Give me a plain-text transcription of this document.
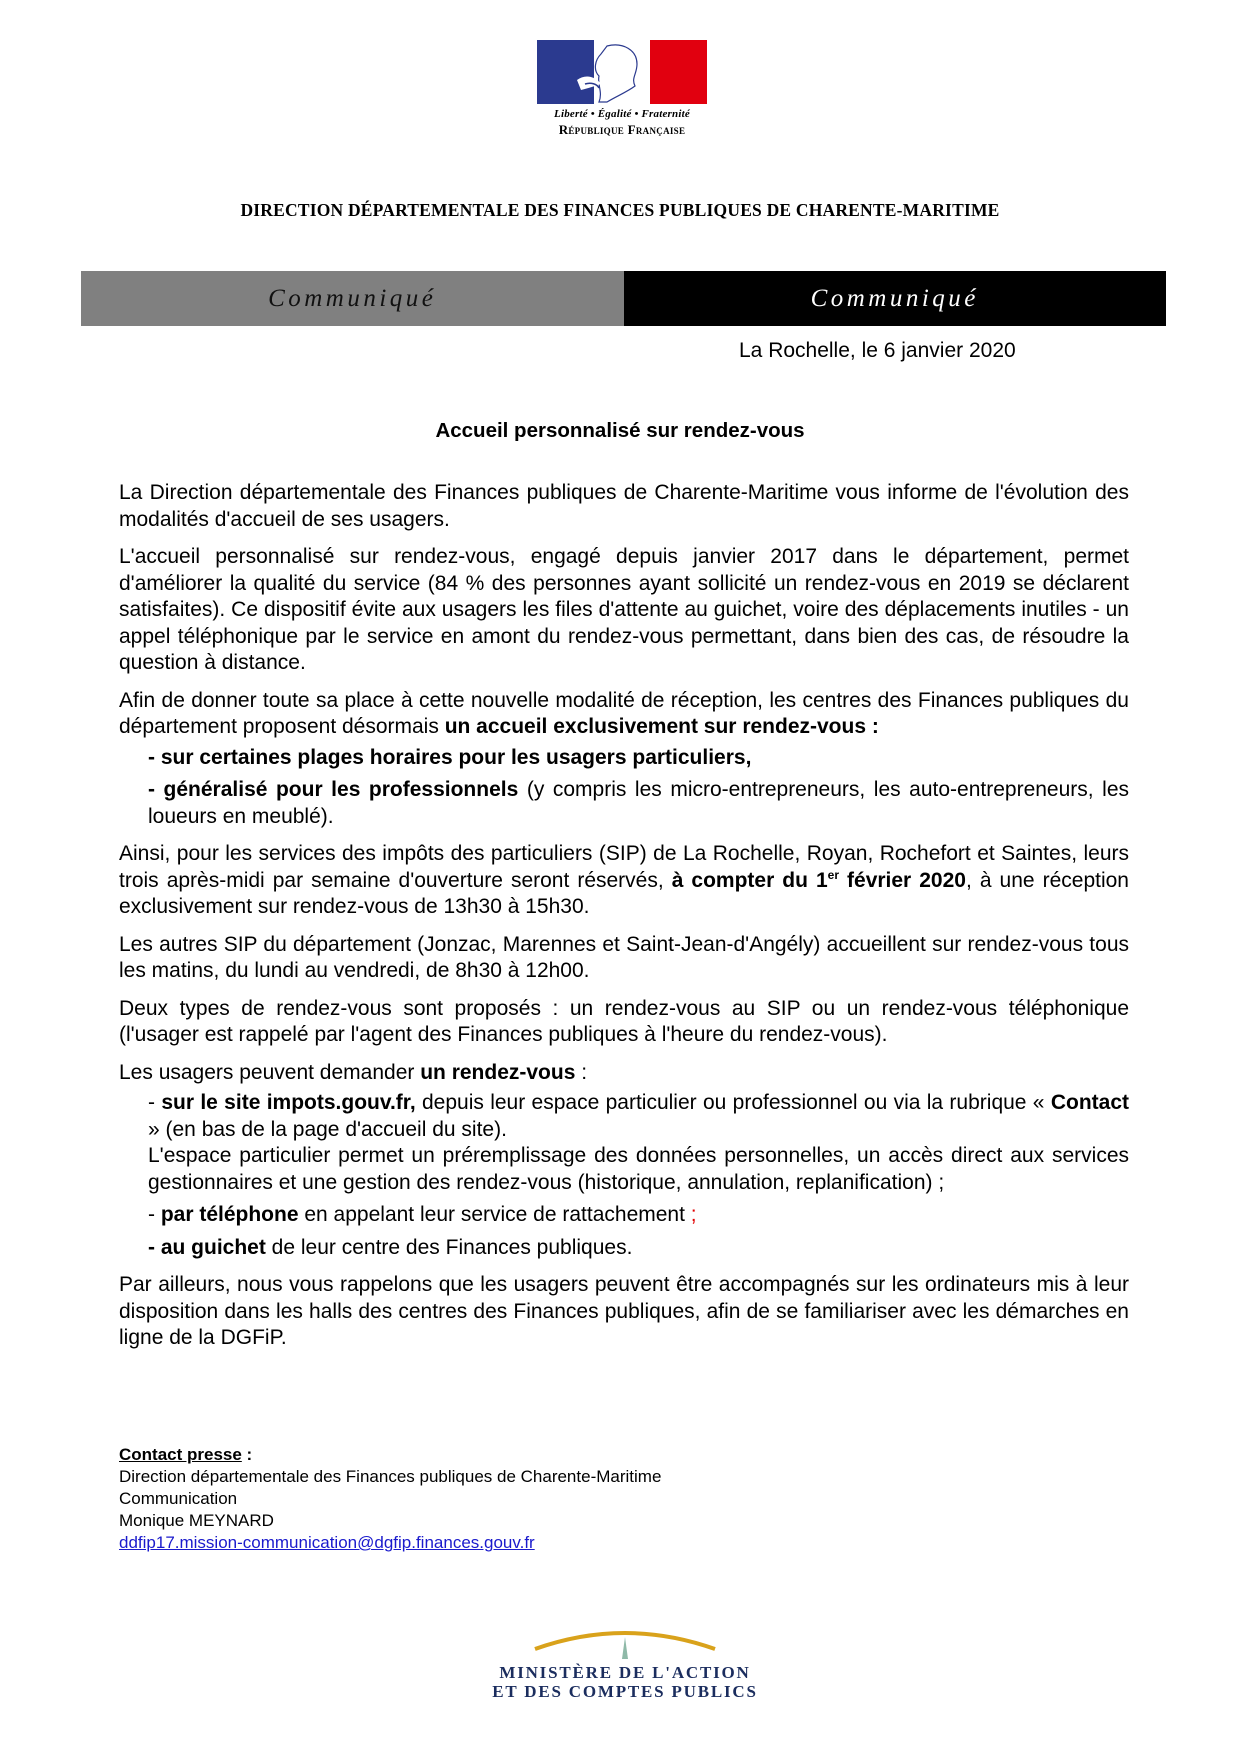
Liberté • Égalité • Fraternité
République Française
DIRECTION DÉPARTEMENTALE DES FINANCES PUBLIQUES DE CHARENTE-MARITIME
Communiqué	Communiqué
La Rochelle, le 6 janvier 2020
Accueil personnalisé sur rendez-vous

La Direction départementale des Finances publiques de Charente-Maritime vous informe de l'évolution des modalités d'accueil de ses usagers.

L'accueil personnalisé sur rendez-vous, engagé depuis janvier 2017 dans le département, permet d'améliorer la qualité du service (84 % des personnes ayant sollicité un rendez-vous en 2019 se déclarent satisfaites). Ce dispositif évite aux usagers les files d'attente au guichet, voire des déplacements inutiles - un appel téléphonique par le service en amont du rendez-vous permettant, dans bien des cas, de résoudre la question à distance.

Afin de donner toute sa place à cette nouvelle modalité de réception, les centres des Finances publiques du département proposent désormais un accueil exclusivement sur rendez-vous :

- sur certaines plages horaires pour les usagers particuliers,

- généralisé pour les professionnels (y compris les micro-entrepreneurs, les auto-entrepreneurs, les loueurs en meublé).

Ainsi, pour les services des impôts des particuliers (SIP) de La Rochelle, Royan, Rochefort et Saintes, leurs trois après-midi par semaine d'ouverture seront réservés, à compter du 1er février 2020, à une réception exclusivement sur rendez-vous de 13h30 à 15h30.

Les autres SIP du département (Jonzac, Marennes et Saint-Jean-d'Angély) accueillent sur rendez-vous tous les matins, du lundi au vendredi, de 8h30 à 12h00.

Deux types de rendez-vous sont proposés : un rendez-vous au SIP ou un rendez-vous téléphonique (l'usager est rappelé par l'agent des Finances publiques à l'heure du rendez-vous).

Les usagers peuvent demander un rendez-vous :

- sur le site impots.gouv.fr, depuis leur espace particulier ou professionnel ou via la rubrique « Contact » (en bas de la page d'accueil du site).
L'espace particulier permet un préremplissage des données personnelles, un accès direct aux services gestionnaires et une gestion des rendez-vous (historique, annulation, replanification) ;

- par téléphone en appelant leur service de rattachement ;

- au guichet de leur centre des Finances publiques.

Par ailleurs, nous vous rappelons que les usagers peuvent être accompagnés sur les ordinateurs mis à leur disposition dans les halls des centres des Finances publiques, afin de se familiariser avec les démarches en ligne de la DGFiP.

Contact presse :
Direction départementale des Finances publiques de Charente-Maritime
Communication
Monique MEYNARD
ddfip17.mission-communication@dgfip.finances.gouv.fr
MINISTÈRE DE L'ACTION
ET DES COMPTES PUBLICS
